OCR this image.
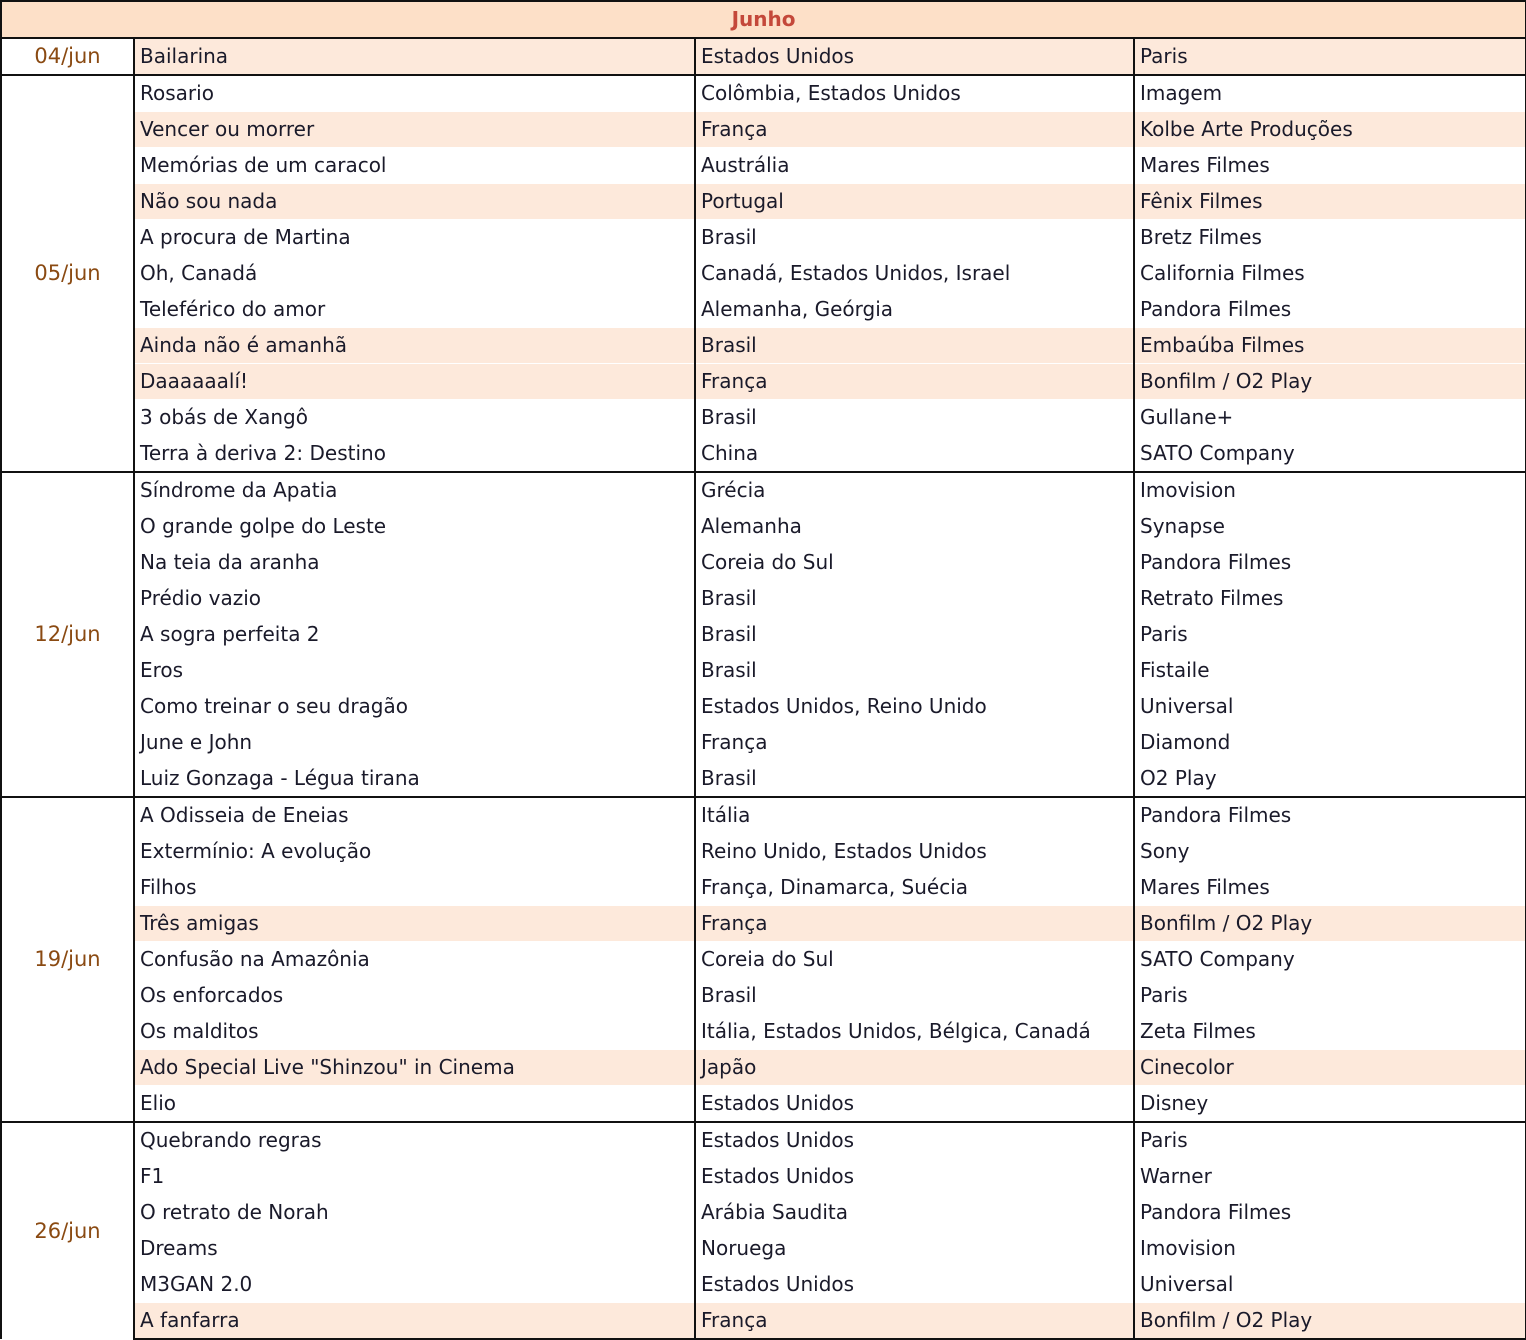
Junho			
04/jun	Bailarina	Estados Unidos	Paris
05/jun	Rosario	Colômbia, Estados Unidos	Imagem
	Vencer ou morrer	França	Kolbe Arte Produções
	Memórias de um caracol	Austrália	Mares Filmes
	Não sou nada	Portugal	Fênix Filmes
	A procura de Martina	Brasil	Bretz Filmes
	Oh, Canadá	Canadá, Estados Unidos, Israel	California Filmes
	Teleférico do amor	Alemanha, Geórgia	Pandora Filmes
	Ainda não é amanhã	Brasil	Embaúba Filmes
	Daaaaaalí!	França	Bonfilm / O2 Play
	3 obás de Xangô	Brasil	Gullane+
	Terra à deriva 2: Destino	China	SATO Company
12/jun	Síndrome da Apatia	Grécia	Imovision
	O grande golpe do Leste	Alemanha	Synapse
	Na teia da aranha	Coreia do Sul	Pandora Filmes
	Prédio vazio	Brasil	Retrato Filmes
	A sogra perfeita 2	Brasil	Paris
	Eros	Brasil	Fistaile
	Como treinar o seu dragão	Estados Unidos, Reino Unido	Universal
	June e John	França	Diamond
	Luiz Gonzaga - Légua tirana	Brasil	O2 Play
19/jun	A Odisseia de Eneias	Itália	Pandora Filmes
	Extermínio: A evolução	Reino Unido, Estados Unidos	Sony
	Filhos	França, Dinamarca, Suécia	Mares Filmes
	Três amigas	França	Bonfilm / O2 Play
	Confusão na Amazônia	Coreia do Sul	SATO Company
	Os enforcados	Brasil	Paris
	Os malditos	Itália, Estados Unidos, Bélgica, Canadá	Zeta Filmes
	Ado Special Live "Shinzou" in Cinema	Japão	Cinecolor
	Elio	Estados Unidos	Disney
26/jun	Quebrando regras	Estados Unidos	Paris
	F1	Estados Unidos	Warner
	O retrato de Norah	Arábia Saudita	Pandora Filmes
	Dreams	Noruega	Imovision
	M3GAN 2.0	Estados Unidos	Universal
	A fanfarra	França	Bonfilm / O2 Play
